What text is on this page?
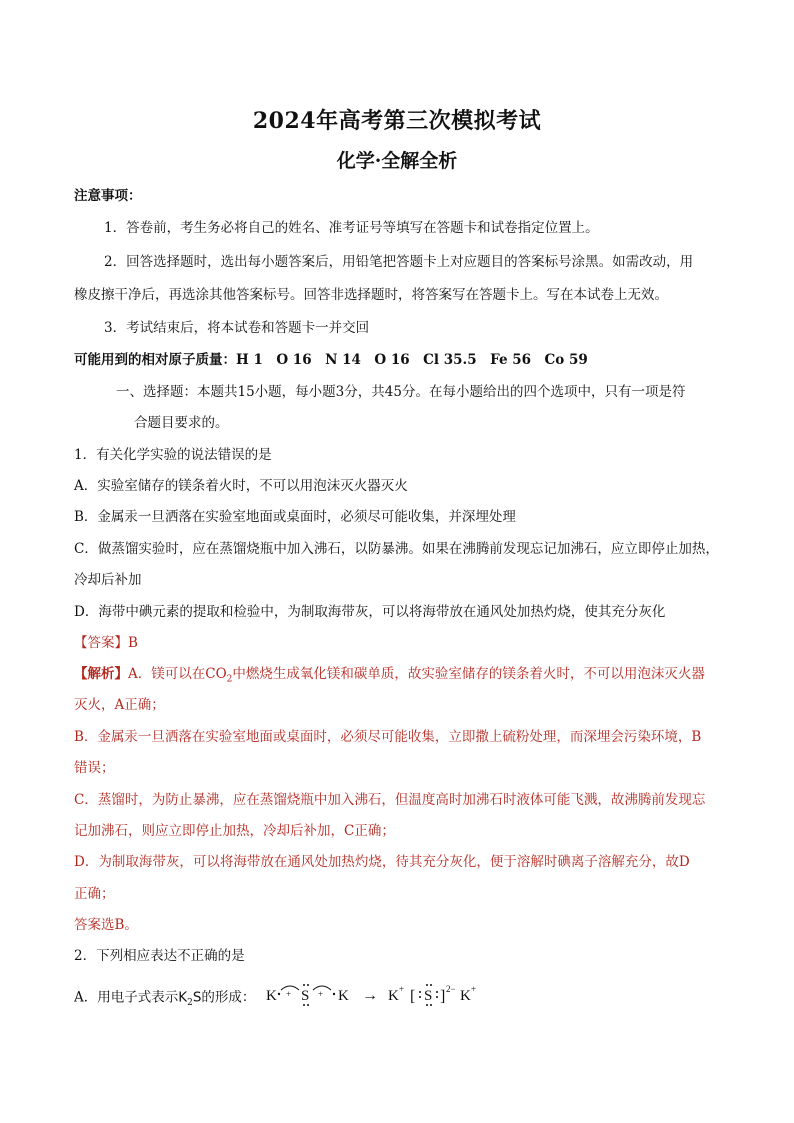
2024年高考第三次模拟考试
化学·全解全析
注意事项：
1．答卷前，考生务必将自己的姓名、准考证号等填写在答题卡和试卷指定位置上。
2．回答选择题时，选出每小题答案后，用铅笔把答题卡上对应题目的答案标号涂黑。如需改动，用
橡皮擦干净后，再选涂其他答案标号。回答非选择题时，将答案写在答题卡上。写在本试卷上无效。
3．考试结束后，将本试卷和答题卡一并交回
可能用到的相对原子质量：H 1　O 16　N 14　O 16　Cl 35.5　Fe 56　Co 59
一、选择题：本题共15小题，每小题3分，共45分。在每小题给出的四个选项中，只有一项是符
合题目要求的。
1．有关化学实验的说法错误的是
A．实验室储存的镁条着火时，不可以用泡沫灭火器灭火
B．金属汞一旦洒落在实验室地面或桌面时，必须尽可能收集，并深埋处理
C．做蒸馏实验时，应在蒸馏烧瓶中加入沸石，以防暴沸。如果在沸腾前发现忘记加沸石，应立即停止加热，
冷却后补加
D．海带中碘元素的提取和检验中，为制取海带灰，可以将海带放在通风处加热灼烧，使其充分灰化
【答案】B
【解析】A．镁可以在$CO_2$中燃烧生成氧化镁和碳单质，故实验室储存的镁条着火时，不可以用泡沫灭火器
灭火，A正确；
B．金属汞一旦洒落在实验室地面或桌面时，必须尽可能收集，立即撒上硫粉处理，而深埋会污染环境，B
错误；
C．蒸馏时，为防止暴沸，应在蒸馏烧瓶中加入沸石，但温度高时加沸石时液体可能飞溅，故沸腾前发现忘
记加沸石，则应立即停止加热，冷却后补加，C正确；
D．为制取海带灰，可以将海带放在通风处加热灼烧，待其充分灰化，便于溶解时碘离子溶解充分，故D
正确；
答案选B。
2．下列相应表达不正确的是
A．用电子式表示$K_2S$的形成： K + S + K → K + [ S ] 2− K +
